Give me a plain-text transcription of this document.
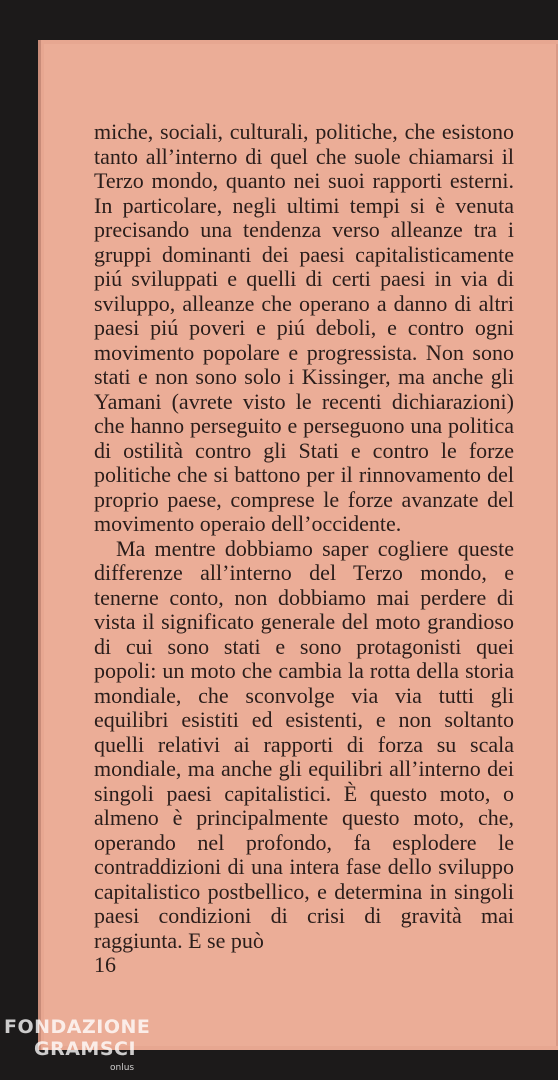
miche, sociali, culturali, politiche, che esistono tanto all’interno di quel che suole chiamarsi il Terzo mondo, quanto nei suoi rapporti esterni. In particolare, negli ultimi tempi si è venuta precisando una tendenza verso alleanze tra i gruppi dominanti dei paesi capitalisticamente piú sviluppati e quelli di certi paesi in via di sviluppo, alleanze che operano a danno di altri paesi piú poveri e piú deboli, e contro ogni movimento popolare e progressista. Non sono stati e non sono solo i Kissinger, ma anche gli Yamani (avrete visto le recenti dichiarazioni) che hanno perseguito e perseguono una politica di ostilità contro gli Stati e contro le forze politiche che si battono per il rinnovamento del proprio paese, comprese le forze avanzate del movimento operaio dell’occidente.

Ma mentre dobbiamo saper cogliere queste differenze all’interno del Terzo mondo, e tenerne conto, non dobbiamo mai perdere di vista il significato generale del moto grandioso di cui sono stati e sono protagonisti quei popoli: un moto che cambia la rotta della storia mondiale, che sconvolge via via tutti gli equilibri esistiti ed esistenti, e non soltanto quelli relativi ai rapporti di forza su scala mondiale, ma anche gli equilibri all’interno dei singoli paesi capitalistici. È questo moto, o almeno è principalmente questo moto, che, operando nel profondo, fa esplodere le contraddizioni di una intera fase dello sviluppo capitalistico postbellico, e determina in singoli paesi condizioni di crisi di gravità mai raggiunta. E se può

16
FONDAZIONE
GRAMSCI
onlus
